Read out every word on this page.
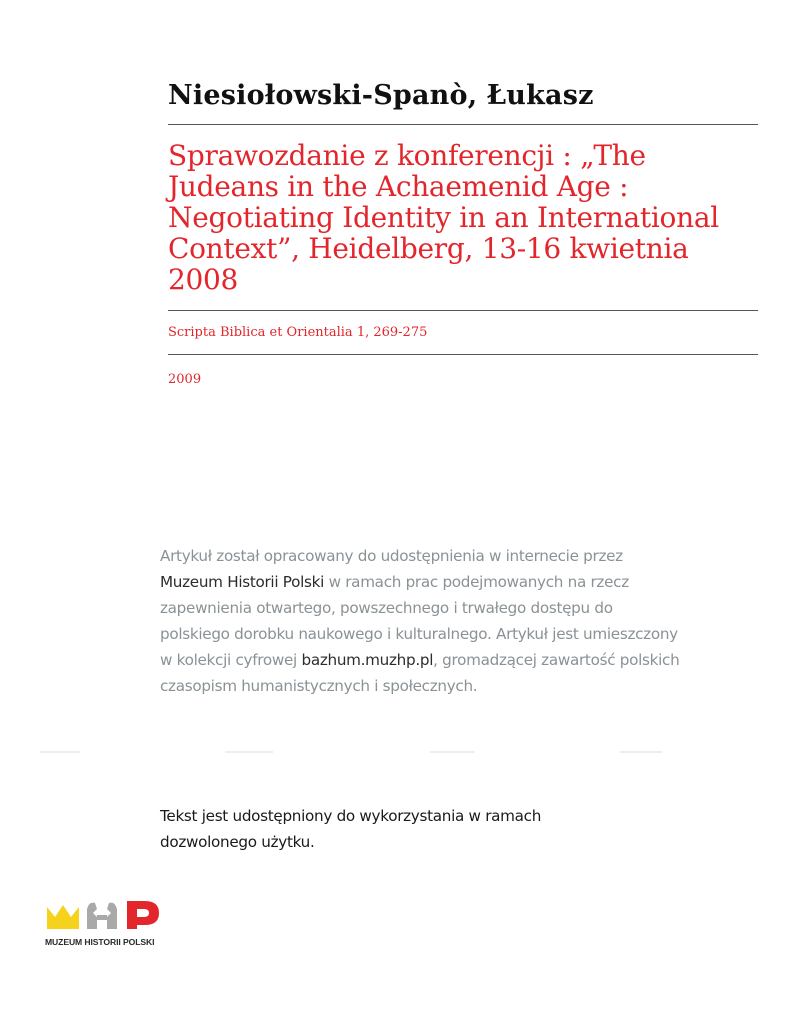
Niesiołowski-Spanò, Łukasz
Sprawozdanie z konferencji : „The
Judeans in the Achaemenid Age :
Negotiating Identity in an International
Context”, Heidelberg, 13-16 kwietnia
2008
Scripta Biblica et Orientalia 1, 269-275
2009
Artykuł został opracowany do udostępnienia w internecie przez
Muzeum Historii Polski w ramach prac podejmowanych na rzecz
zapewnienia otwartego, powszechnego i trwałego dostępu do
polskiego dorobku naukowego i kulturalnego. Artykuł jest umieszczony
w kolekcji cyfrowej bazhum.muzhp.pl, gromadzącej zawartość polskich
czasopism humanistycznych i społecznych.
Tekst jest udostępniony do wykorzystania w ramach
dozwolonego użytku.
MUZEUM HISTORII POLSKI
